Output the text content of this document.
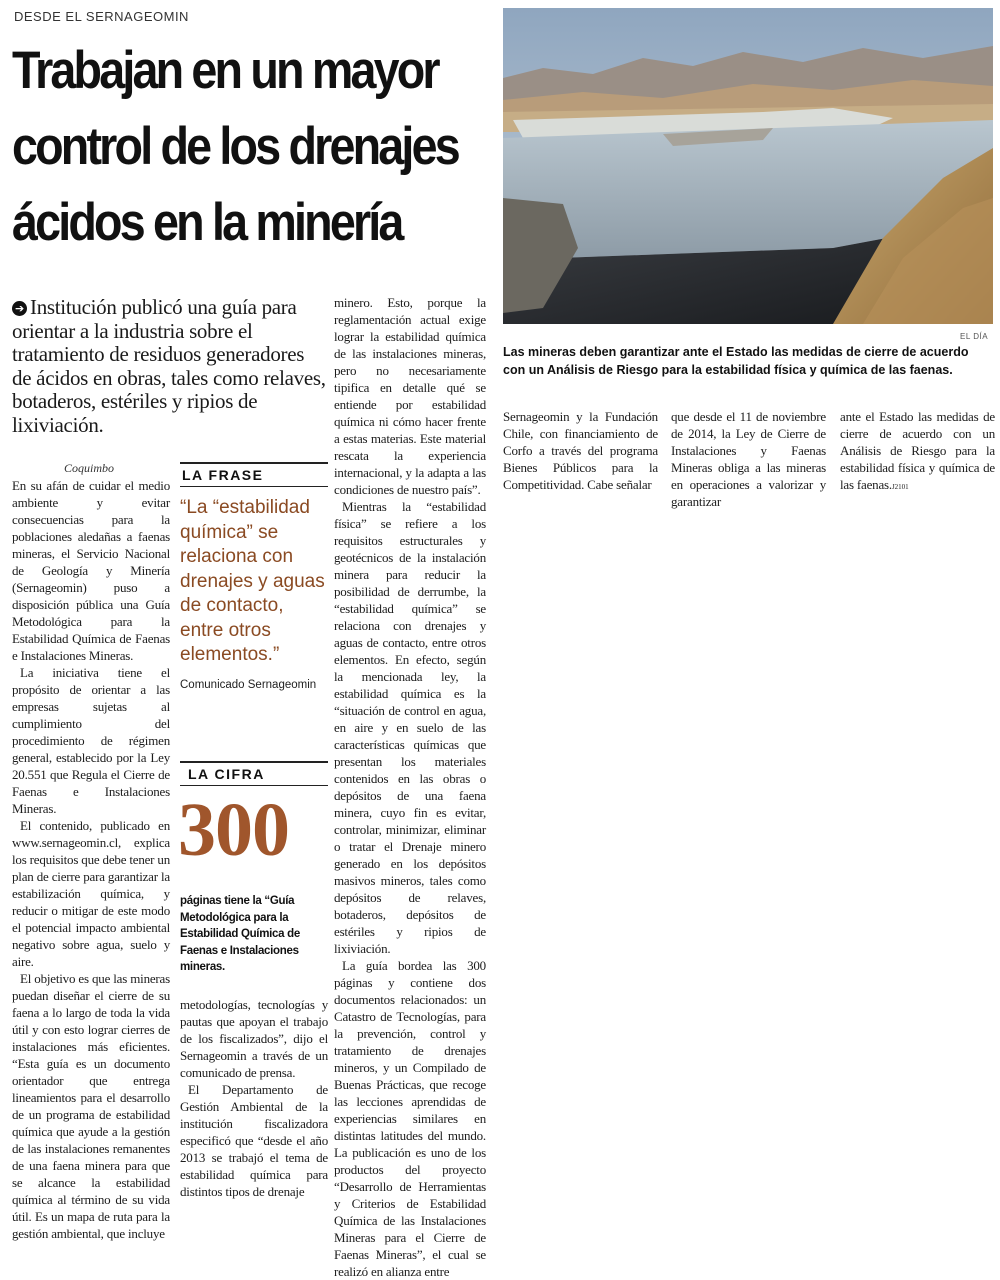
DESDE EL SERNAGEOMIN
Trabajan en un mayor
control de los drenajes
ácidos en la minería
➔ Institución publicó una guía para orientar a la industria sobre el tratamiento de residuos generadores de ácidos en obras, tales como relaves, botaderos, estériles y ripios de lixiviación.
Coquimbo

En su afán de cuidar el medio ambiente y evitar consecuencias para la poblaciones aledañas a faenas mineras, el Servicio Nacional de Geología y Minería (Sernageomin) puso a disposición pública una Guía Metodológica para la Estabilidad Química de Faenas e Instalaciones Mineras.

La iniciativa tiene el propósito de orientar a las empresas sujetas al cumplimiento del procedimiento de régimen general, establecido por la Ley 20.551 que Regula el Cierre de Faenas e Instalaciones Mineras.

El contenido, publicado en www.sernageomin.cl, explica los requisitos que debe tener un plan de cierre para garantizar la estabilización química, y reducir o mitigar de este modo el potencial impacto ambiental negativo sobre agua, suelo y aire.

El objetivo es que las mineras puedan diseñar el cierre de su faena a lo largo de toda la vida útil y con esto lograr cierres de instalaciones más eficientes. “Esta guía es un documento orientador que entrega lineamientos para el desarrollo de un programa de estabilidad química que ayude a la gestión de las instalaciones remanentes de una faena minera para que se alcance la estabilidad química al término de su vida útil. Es un mapa de ruta para la gestión ambiental, que incluye

LA FRASE
“La “estabilidad química” se relaciona con drenajes y aguas de contacto, entre otros elementos.”
Comunicado Sernageomin
LA CIFRA
300
páginas tiene la “Guía Metodológica para la Estabilidad Química de Faenas e Instalaciones mineras.

metodologías, tecnologías y pautas que apoyan el trabajo de los fiscalizados”, dijo el Sernageomin a través de un comunicado de prensa.

El Departamento de Gestión Ambiental de la institución fiscalizadora especificó que “desde el año 2013 se trabajó el tema de estabilidad química para distintos tipos de drenaje

minero. Esto, porque la reglamentación actual exige lograr la estabilidad química de las instalaciones mineras, pero no necesariamente tipifica en detalle qué se entiende por estabilidad química ni cómo hacer frente a estas materias. Este material rescata la experiencia internacional, y la adapta a las condiciones de nuestro país”.

Mientras la “estabilidad física” se refiere a los requisitos estructurales y geotécnicos de la instalación minera para reducir la posibilidad de derrumbe, la “estabilidad química” se relaciona con drenajes y aguas de contacto, entre otros elementos. En efecto, según la mencionada ley, la estabilidad química es la “situación de control en agua, en aire y en suelo de las características químicas que presentan los materiales contenidos en las obras o depósitos de una faena minera, cuyo fin es evitar, controlar, minimizar, eliminar o tratar el Drenaje minero generado en los depósitos masivos mineros, tales como depósitos de relaves, botaderos, depósitos de estériles y ripios de lixiviación.

La guía bordea las 300 páginas y contiene dos documentos relacionados: un Catastro de Tecnologías, para la prevención, control y tratamiento de drenajes mineros, y un Compilado de Buenas Prácticas, que recoge las lecciones aprendidas de experiencias similares en distintas latitudes del mundo. La publicación es uno de los productos del proyecto “Desarrollo de Herramientas y Criterios de Estabilidad Química de las Instalaciones Mineras para el Cierre de Faenas Mineras”, el cual se realizó en alianza entre

EL DÍA
Las mineras deben garantizar ante el Estado las medidas de cierre de acuerdo con un Análisis de Riesgo para la estabilidad física y química de las faenas.

Sernageomin y la Fundación Chile, con financiamiento de Corfo a través del programa Bienes Públicos para la Competitividad. Cabe señalar

que desde el 11 de noviembre de 2014, la Ley de Cierre de Instalaciones y Faenas Mineras obliga a las mineras en operaciones a valorizar y garantizar

ante el Estado las medidas de cierre de acuerdo con un Análisis de Riesgo para la estabilidad física y química de las faenas.J2101
